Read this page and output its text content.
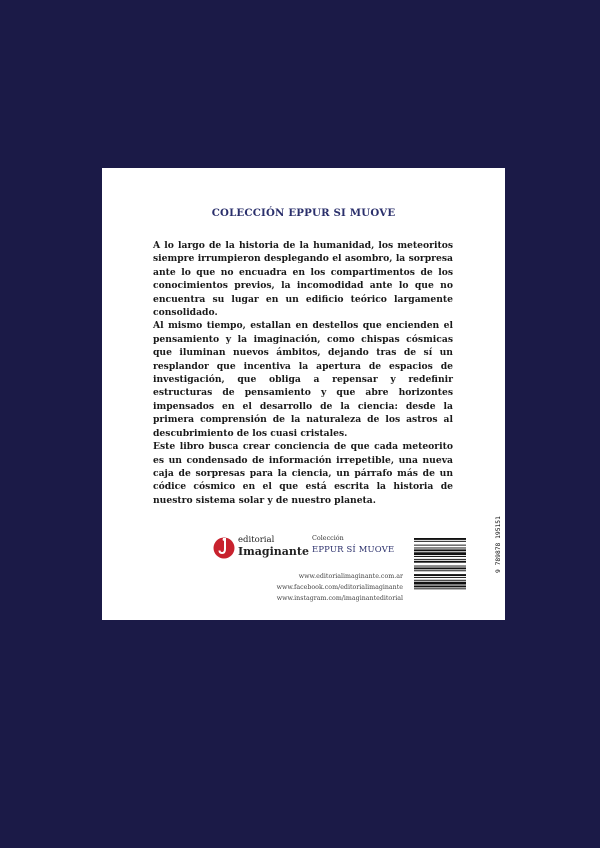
COLECCIÓN EPPUR SI MUOVE

A lo largo de la historia de la humanidad, los meteoritos siempre irrumpieron desplegando el asombro, la sorpresa ante lo que no encuadra en los compartimentos de los conocimientos previos, la incomodidad ante lo que no encuentra su lugar en un edificio teórico largamente consolidado.

Al mismo tiempo, estallan en destellos que encienden el pensamiento y la imaginación, como chispas cósmicas que iluminan nuevos ámbitos, dejando tras de sí un resplandor que incentiva la apertura de espacios de investigación, que obliga a repensar y redefinir estructuras de pensamiento y que abre horizontes impensados en el desarrollo de la ciencia: desde la primera comprensión de la naturaleza de los astros al descubrimiento de los cuasi cristales.

Este libro busca crear conciencia de que cada meteorito es un condensado de información irrepetible, una nueva caja de sorpresas para la ciencia, un párrafo más de un códice cósmico en el que está escrita la historia de nuestro sistema solar y de nuestro planeta.

editorial
Imaginante
Colección
EPPUR SÍ MUOVE
www.editorialimaginante.com.ar
www.facebook.com/editorialimaginante
www.instagram.com/imaginanteditorial
9 789878 195151
